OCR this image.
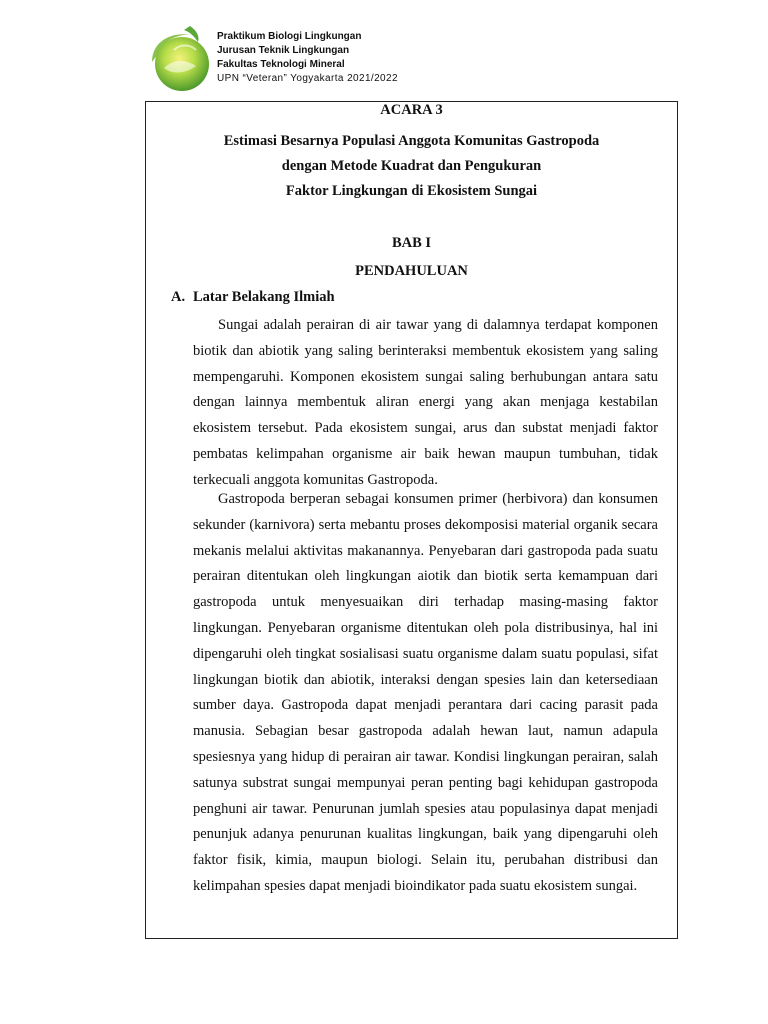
Praktikum Biologi Lingkungan
Jurusan Teknik Lingkungan
Fakultas Teknologi Mineral
UPN “Veteran” Yogyakarta 2021/2022
ACARA 3
Estimasi Besarnya Populasi Anggota Komunitas Gastropoda
dengan Metode Kuadrat dan Pengukuran
Faktor Lingkungan di Ekosistem Sungai
BAB I
PENDAHULUAN
A. Latar Belakang Ilmiah

Sungai adalah perairan di air tawar yang di dalamnya terdapat komponen biotik dan abiotik yang saling berinteraksi membentuk ekosistem yang saling mempengaruhi. Komponen ekosistem sungai saling berhubungan antara satu dengan lainnya membentuk aliran energi yang akan menjaga kestabilan ekosistem tersebut. Pada ekosistem sungai, arus dan substat menjadi faktor pembatas kelimpahan organisme air baik hewan maupun tumbuhan, tidak terkecuali anggota komunitas Gastropoda.

Gastropoda berperan sebagai konsumen primer (herbivora) dan konsumen sekunder (karnivora) serta mebantu proses dekomposisi material organik secara mekanis melalui aktivitas makanannya. Penyebaran dari gastropoda pada suatu perairan ditentukan oleh lingkungan aiotik dan biotik serta kemampuan dari gastropoda untuk menyesuaikan diri terhadap masing-masing faktor lingkungan. Penyebaran organisme ditentukan oleh pola distribusinya, hal ini dipengaruhi oleh tingkat sosialisasi suatu organisme dalam suatu populasi, sifat lingkungan biotik dan abiotik, interaksi dengan spesies lain dan ketersediaan sumber daya. Gastropoda dapat menjadi perantara dari cacing parasit pada manusia. Sebagian besar gastropoda adalah hewan laut, namun adapula spesiesnya yang hidup di perairan air tawar. Kondisi lingkungan perairan, salah satunya substrat sungai mempunyai peran penting bagi kehidupan gastropoda penghuni air tawar. Penurunan jumlah spesies atau populasinya dapat menjadi penunjuk adanya penurunan kualitas lingkungan, baik yang dipengaruhi oleh faktor fisik, kimia, maupun biologi. Selain itu, perubahan distribusi dan kelimpahan spesies dapat menjadi bioindikator pada suatu ekosistem sungai.
